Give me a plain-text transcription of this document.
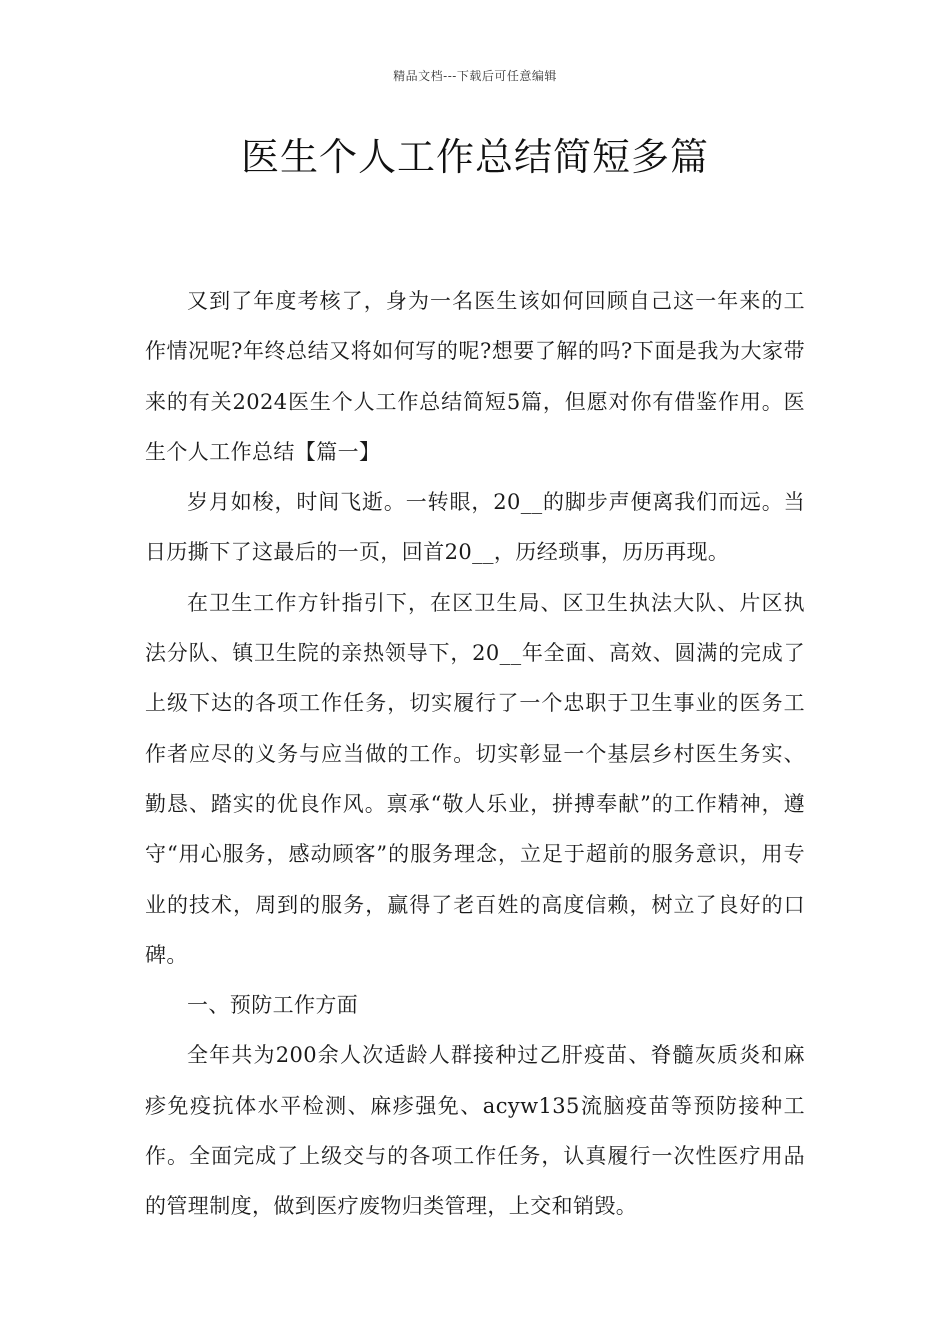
精品文档---下载后可任意编辑
医生个人工作总结简短多篇

又到了年度考核了，身为一名医生该如何回顾自己这一年来的工作情况呢?年终总结又将如何写的呢?想要了解的吗?下面是我为大家带来的有关2024医生个人工作总结简短5篇，但愿对你有借鉴作用。医生个人工作总结【篇一】

岁月如梭，时间飞逝。一转眼，20__的脚步声便离我们而远。当日历撕下了这最后的一页，回首20__，历经琐事，历历再现。

在卫生工作方针指引下，在区卫生局、区卫生执法大队、片区执法分队、镇卫生院的亲热领导下，20__年全面、高效、圆满的完成了上级下达的各项工作任务，切实履行了一个忠职于卫生事业的医务工作者应尽的义务与应当做的工作。切实彰显一个基层乡村医生务实、勤恳、踏实的优良作风。禀承“敬人乐业，拼搏奉献”的工作精神，遵守“用心服务，感动顾客”的服务理念，立足于超前的服务意识，用专业的技术，周到的服务，赢得了老百姓的高度信赖，树立了良好的口碑。

一、预防工作方面

全年共为200余人次适龄人群接种过乙肝疫苗、脊髓灰质炎和麻疹免疫抗体水平检测、麻疹强免、acyw135流脑疫苗等预防接种工作。全面完成了上级交与的各项工作任务，认真履行一次性医疗用品的管理制度，做到医疗废物归类管理，上交和销毁。
